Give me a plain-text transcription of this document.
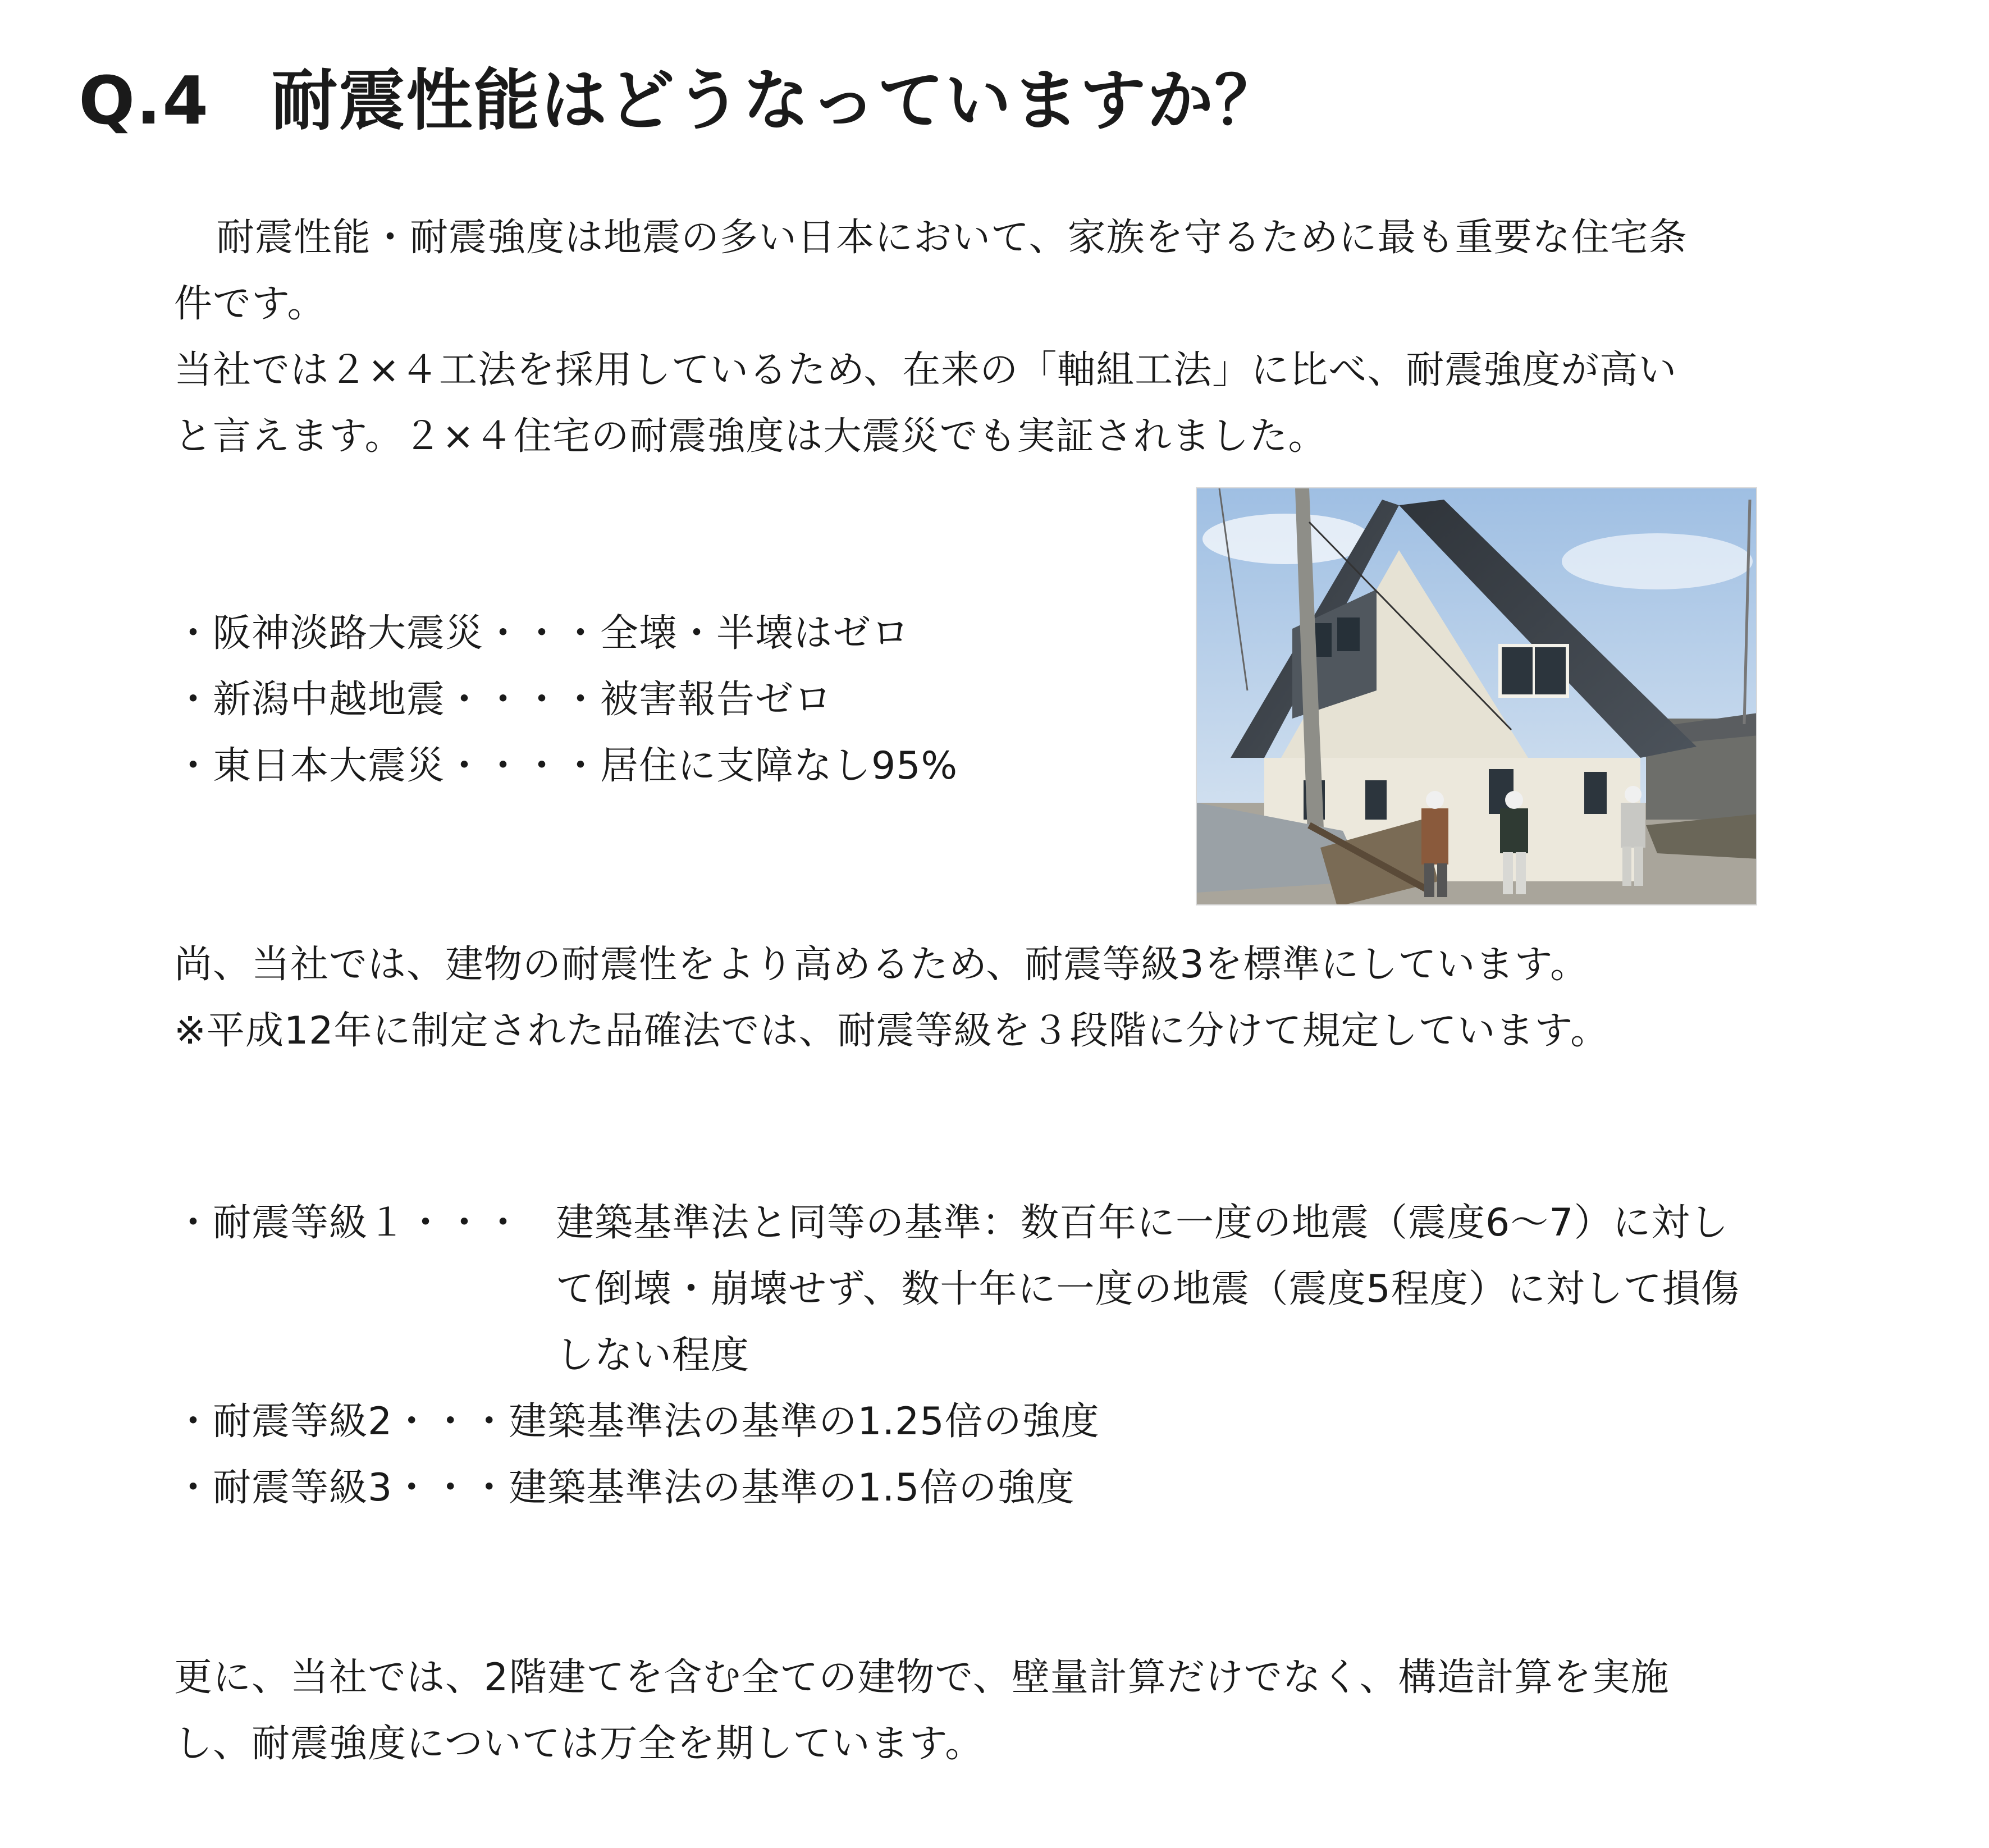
Q.4 耐震性能はどうなっていますか？
耐震性能・耐震強度は地震の多い日本において、家族を守るために最も重要な住宅条
件です。
当社では２×４工法を採用しているため、在来の「軸組工法」に比べ、耐震強度が高い
と言えます。２×４住宅の耐震強度は大震災でも実証されました。
・阪神淡路大震災・・・全壊・半壊はゼロ
・新潟中越地震・・・・被害報告ゼロ
・東日本大震災・・・・居住に支障なし95%
尚、当社では、建物の耐震性をより高めるため、耐震等級3を標準にしています。
※平成12年に制定された品確法では、耐震等級を３段階に分けて規定しています。
・耐震等級１・・・ 建築基準法と同等の基準：数百年に一度の地震（震度6〜7）に対し
て倒壊・崩壊せず、数十年に一度の地震（震度5程度）に対して損傷
しない程度
・耐震等級2・・・建築基準法の基準の1.25倍の強度
・耐震等級3・・・建築基準法の基準の1.5倍の強度
更に、当社では、2階建てを含む全ての建物で、壁量計算だけでなく、構造計算を実施
し、耐震強度については万全を期しています。
